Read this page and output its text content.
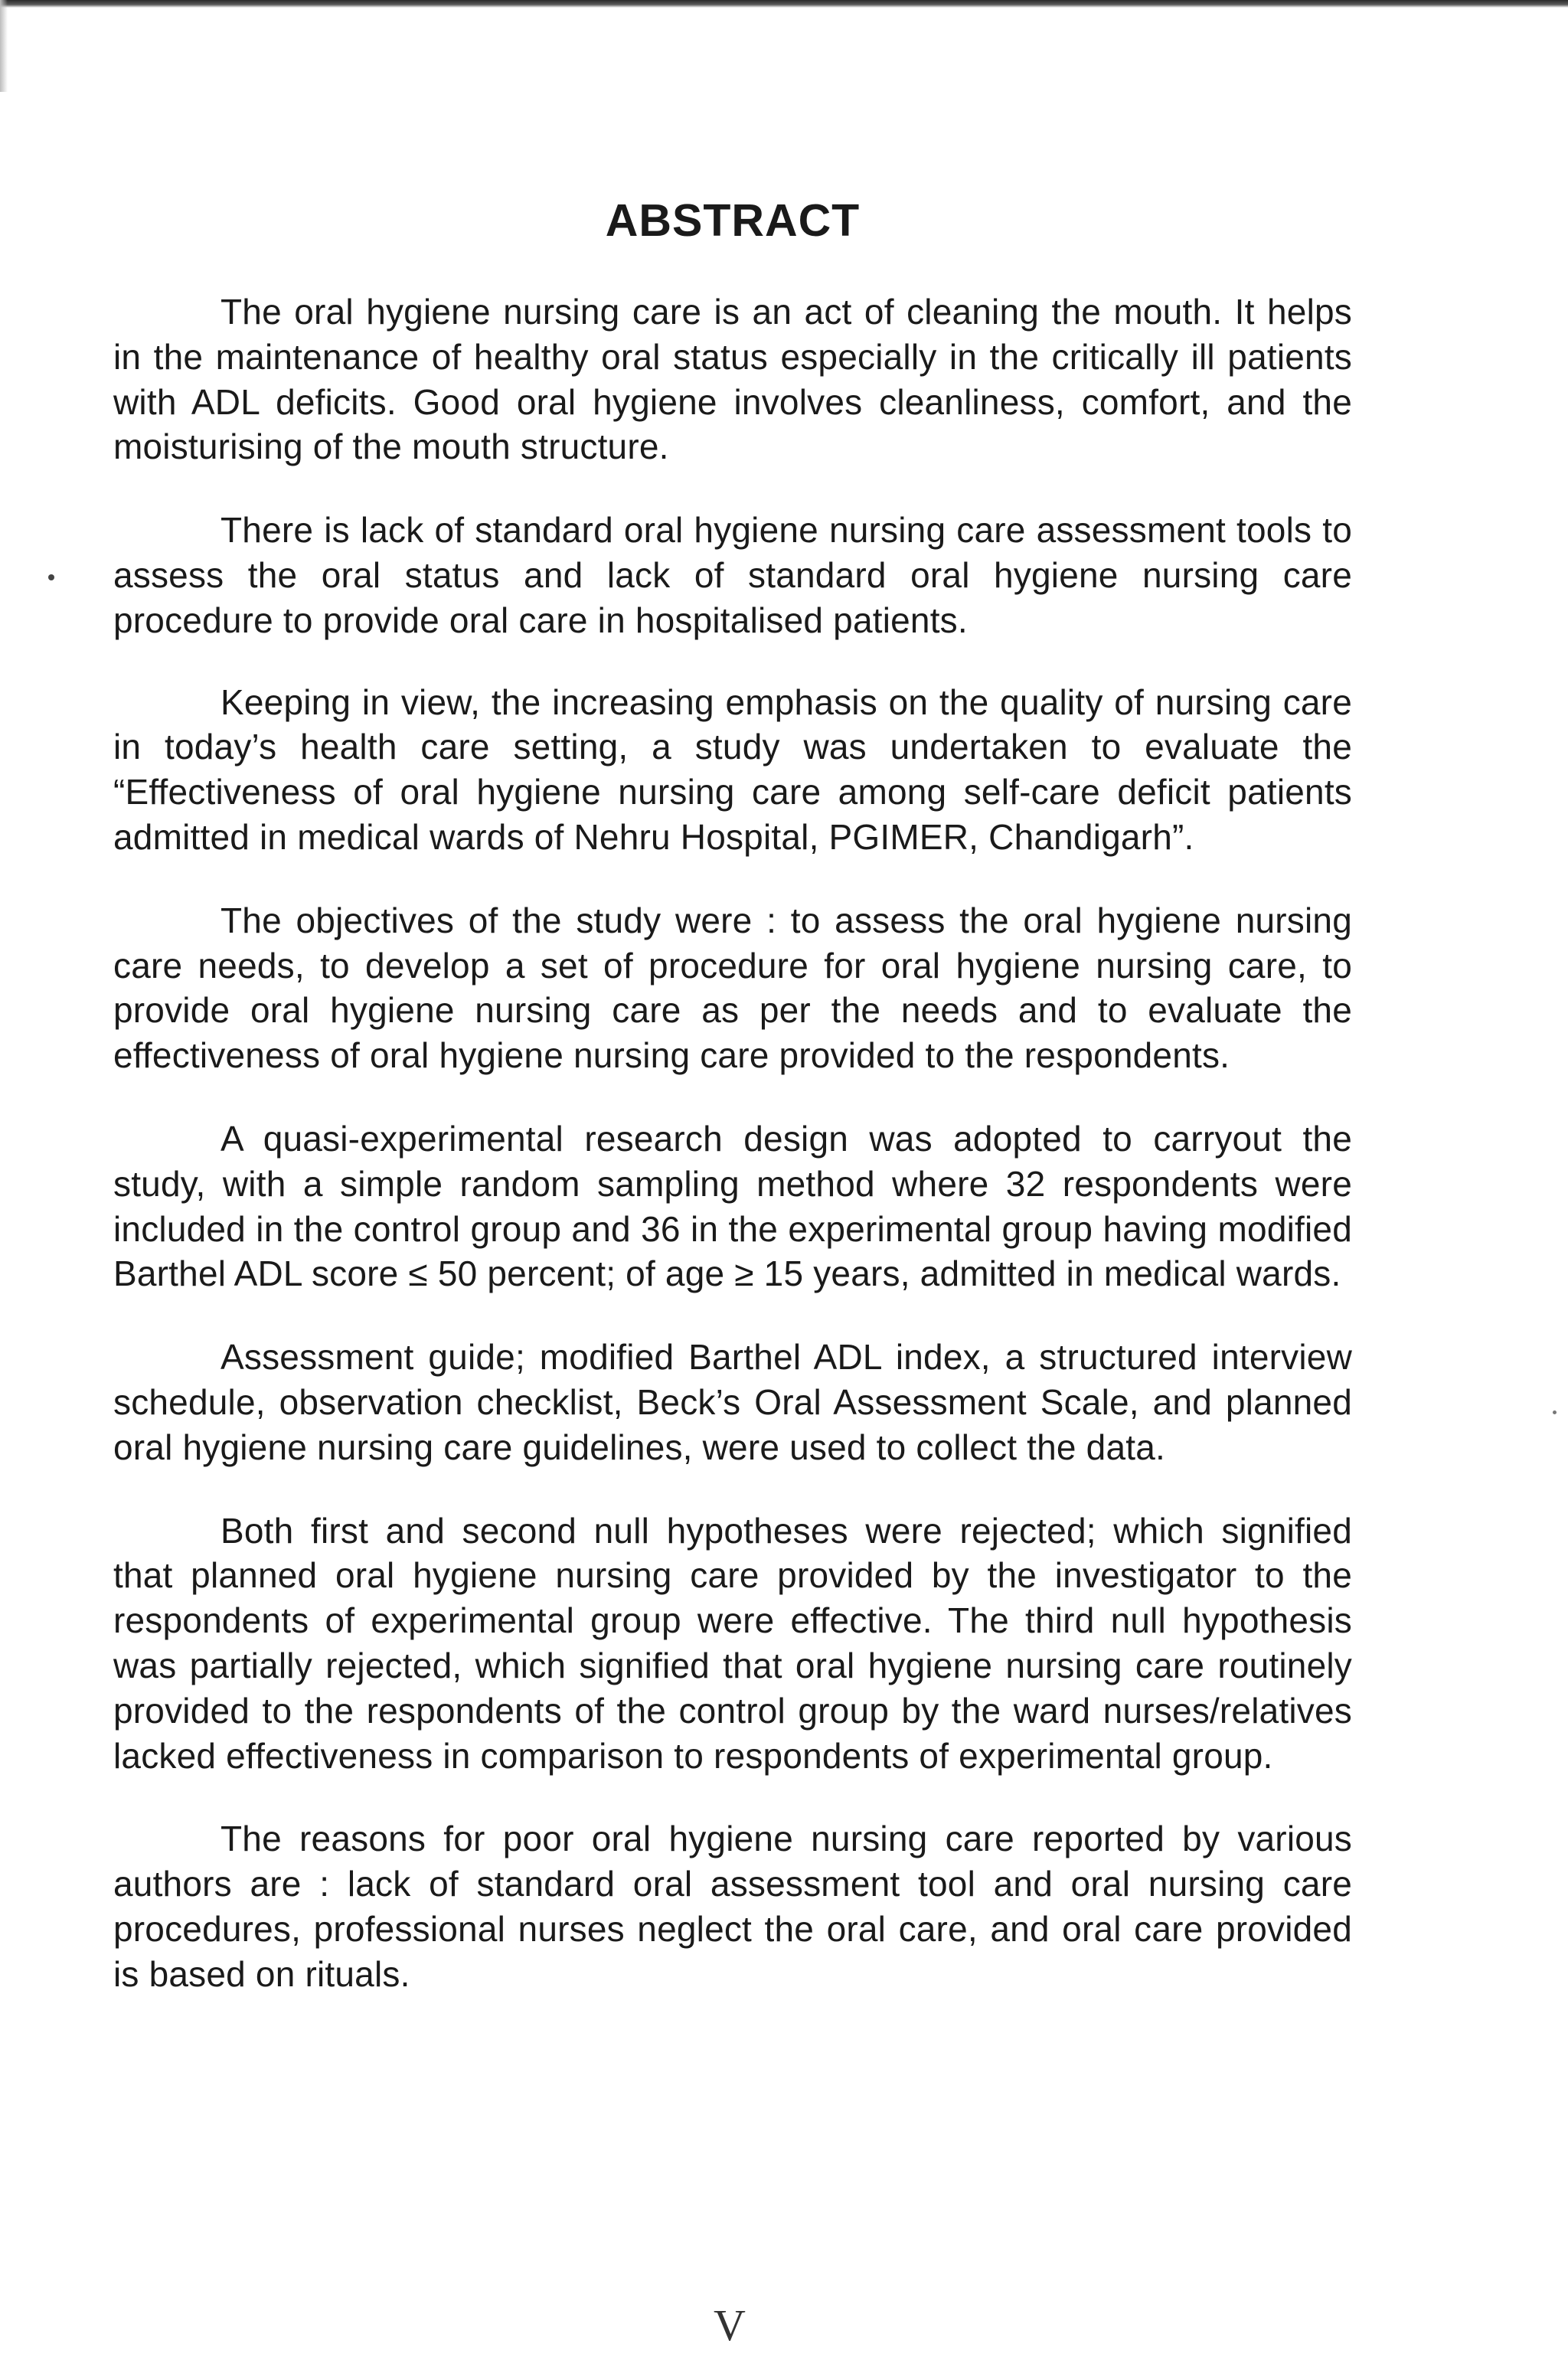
ABSTRACT

The oral hygiene nursing care is an act of cleaning the mouth. It helps in the maintenance of healthy oral status especially in the critically ill patients with ADL deficits. Good oral hygiene involves cleanliness, comfort, and the moisturising of the mouth structure.

There is lack of standard oral hygiene nursing care assessment tools to assess the oral status and lack of standard oral hygiene nursing care procedure to provide oral care in hospitalised patients.

Keeping in view, the increasing emphasis on the quality of nursing care in today’s health care setting, a study was undertaken to evaluate the “Effectiveness of oral hygiene nursing care among self-care deficit patients admitted in medical wards of Nehru Hospital, PGIMER, Chandigarh”.

The objectives of the study were : to assess the oral hygiene nursing care needs, to develop a set of procedure for oral hygiene nursing care, to provide oral hygiene nursing care as per the needs and to evaluate the effectiveness of oral hygiene nursing care provided to the respondents.

A quasi-experimental research design was adopted to carryout the study, with a simple random sampling method where 32 respondents were included in the control group and 36 in the experimental group having modified Barthel ADL score ≤ 50 percent; of age ≥ 15 years, admitted in medical wards.

Assessment guide; modified Barthel ADL index, a structured interview schedule, observation checklist, Beck’s Oral Assessment Scale, and planned oral hygiene nursing care guidelines, were used to collect the data.

Both first and second null hypotheses were rejected; which signified that planned oral hygiene nursing care provided by the investigator to the respondents of experimental group were effective. The third null hypothesis was partially rejected, which signified that oral hygiene nursing care routinely provided to the respondents of the control group by the ward nurses/relatives lacked effectiveness in comparison to respondents of experimental group.

The reasons for poor oral hygiene nursing care reported by various authors are : lack of standard oral assessment tool and oral nursing care procedures, professional nurses neglect the oral care, and oral care provided is based on rituals.

V
